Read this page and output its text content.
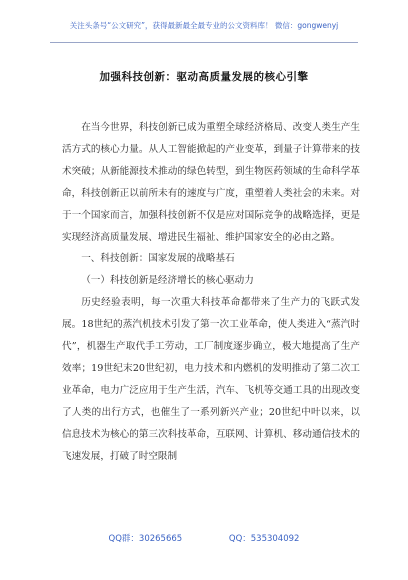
关注头条号“公文研究”，获得最新最全最专业的公文资料库！ 微信：gongwenyj
加强科技创新：驱动高质量发展的核心引擎

在当今世界，科技创新已成为重塑全球经济格局、改变人类生产生活方式的核心力量。从人工智能掀起的产业变革，到量子计算带来的技术突破；从新能源技术推动的绿色转型，到生物医药领域的生命科学革命，科技创新正以前所未有的速度与广度，重塑着人类社会的未来。对于一个国家而言，加强科技创新不仅是应对国际竞争的战略选择，更是实现经济高质量发展、增进民生福祉、维护国家安全的必由之路。

一、科技创新：国家发展的战略基石

（一）科技创新是经济增长的核心驱动力

历史经验表明，每一次重大科技革命都带来了生产力的飞跃式发展。18世纪的蒸汽机技术引发了第一次工业革命，使人类进入“蒸汽时代”，机器生产取代手工劳动，工厂制度逐步确立，极大地提高了生产效率；19世纪末20世纪初，电力技术和内燃机的发明推动了第二次工业革命，电力广泛应用于生产生活，汽车、飞机等交通工具的出现改变了人类的出行方式，也催生了一系列新兴产业；20世纪中叶以来，以信息技术为核心的第三次科技革命，互联网、计算机、移动通信技术的飞速发展，打破了时空限制

QQ群：30265665	QQ：535304092
